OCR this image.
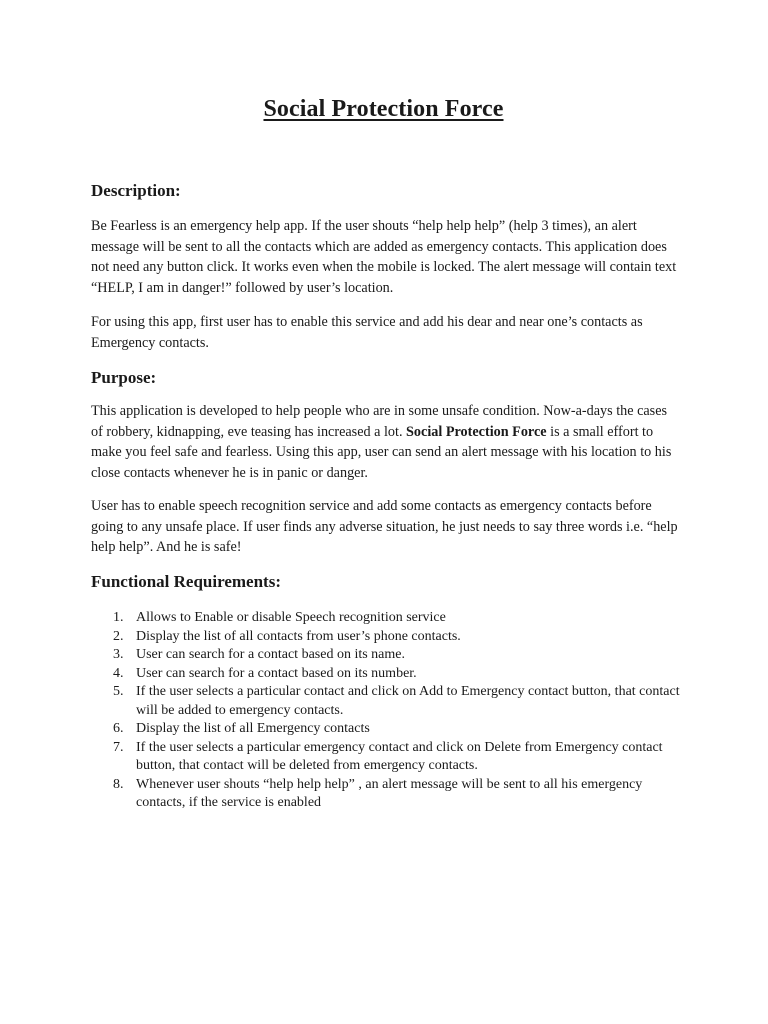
Social Protection Force
Description:
Be Fearless is an emergency help app. If the user shouts “help help help” (help 3 times), an alert message will be sent to all the contacts which are added as emergency contacts. This application does not need any button click. It works even when the mobile is locked. The alert message will contain text “HELP, I am in danger!” followed by user’s location.
For using this app, first user has to enable this service and add his dear and near one’s contacts as Emergency contacts.
Purpose:
This application is developed to help people who are in some unsafe condition. Now-a-days the cases of robbery, kidnapping, eve teasing has increased a lot. Social Protection Force is a small effort to make you feel safe and fearless. Using this app, user can send an alert message with his location to his close contacts whenever he is in panic or danger.
User has to enable speech recognition service and add some contacts as emergency contacts before going to any unsafe place. If user finds any adverse situation, he just needs to say three words i.e. “help help help”. And he is safe!
Functional Requirements:
1. Allows to Enable or disable Speech recognition service
2. Display the list of all contacts from user’s phone contacts.
3. User can search for a contact based on its name.
4. User can search for a contact based on its number.
5. If the user selects a particular contact and click on Add to Emergency contact button, that contact will be added to emergency contacts.
6. Display the list of all Emergency contacts
7. If the user selects a particular emergency contact and click on Delete from Emergency contact button, that contact will be deleted from emergency contacts.
8. Whenever user shouts “help help help” , an alert message will be sent to all his emergency contacts, if the service is enabled
